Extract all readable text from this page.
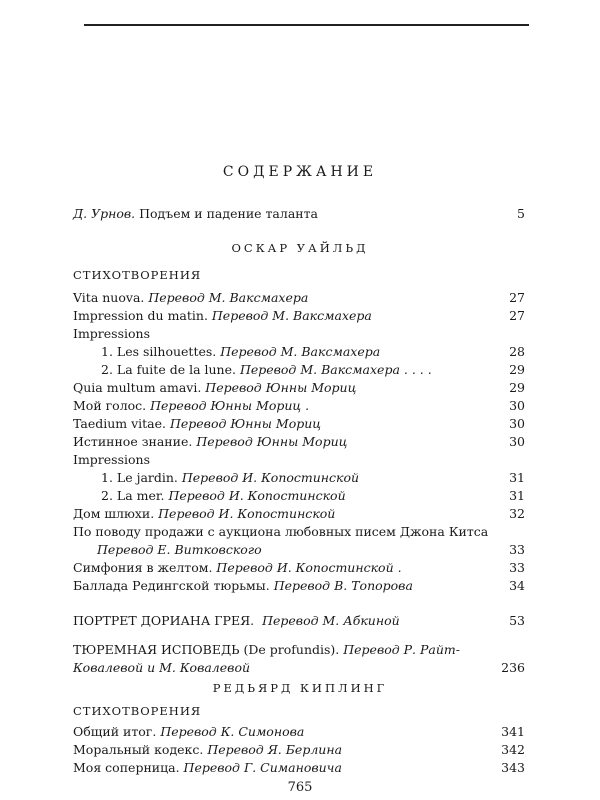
СОДЕРЖАНИЕ
Д. Урнов. Подъем и падение таланта	5
ОСКАР УАЙЛЬД
СТИХОТВОРЕНИЯ
Vita nuova. Перевод М. Ваксмахера	27
Impression du matin. Перевод М. Ваксмахера	27
Impressions
1. Les silhouettes. Перевод М. Ваксмахера	28
2. La fuite de la lune. Перевод М. Ваксмахера . . . .	29
Quia multum amavi. Перевод Юнны Мориц	29
Мой голос. Перевод Юнны Мориц .	30
Taedium vitae. Перевод Юнны Мориц	30
Истинное знание. Перевод Юнны Мориц	30
Impressions
1. Le jardin. Перевод И. Копостинской	31
2. La mer. Перевод И. Копостинской	31
Дом шлюхи. Перевод И. Копостинской	32
По поводу продажи с аукциона любовных писем Джона Китса
Перевод Е. Витковского	33
Симфония в желтом. Перевод И. Копостинской .	33
Баллада Редингской тюрьмы. Перевод В. Топорова	34
ПОРТРЕТ ДОРИАНА ГРЕЯ. Перевод М. Абкиной	53
ТЮРЕМНАЯ ИСПОВЕДЬ (De profundis). Перевод Р. Райт-
Ковалевой и М. Ковалевой	236
РЕДЬЯРД КИПЛИНГ
СТИХОТВОРЕНИЯ
Общий итог. Перевод К. Симонова	341
Моральный кодекс. Перевод Я. Берлина	342
Моя соперница. Перевод Г. Симановича	343
765
